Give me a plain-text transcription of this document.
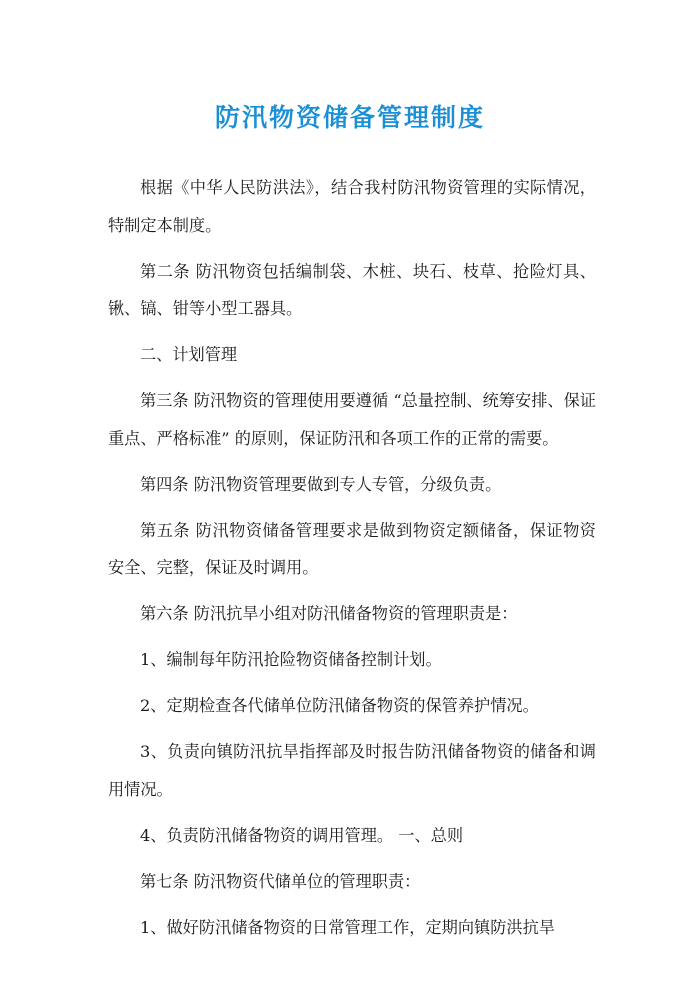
防汛物资储备管理制度

根据《中华人民防洪法》，结合我村防汛物资管理的实际情况，特制定本制度。

第二条 防汛物资包括编制袋、木桩、块石、枝草、抢险灯具、锹、镐、钳等小型工器具。

二、计划管理

第三条 防汛物资的管理使用要遵循 “总量控制、统筹安排、保证重点、严格标准” 的原则，保证防汛和各项工作的正常的需要。

第四条 防汛物资管理要做到专人专管，分级负责。

第五条 防汛物资储备管理要求是做到物资定额储备，保证物资安全、完整，保证及时调用。

第六条 防汛抗旱小组对防汛储备物资的管理职责是：

1、编制每年防汛抢险物资储备控制计划。

2、定期检查各代储单位防汛储备物资的保管养护情况。

3、负责向镇防汛抗旱指挥部及时报告防汛储备物资的储备和调用情况。

4、负责防汛储备物资的调用管理。 一、总则

第七条 防汛物资代储单位的管理职责：

1、做好防汛储备物资的日常管理工作，定期向镇防洪抗旱
